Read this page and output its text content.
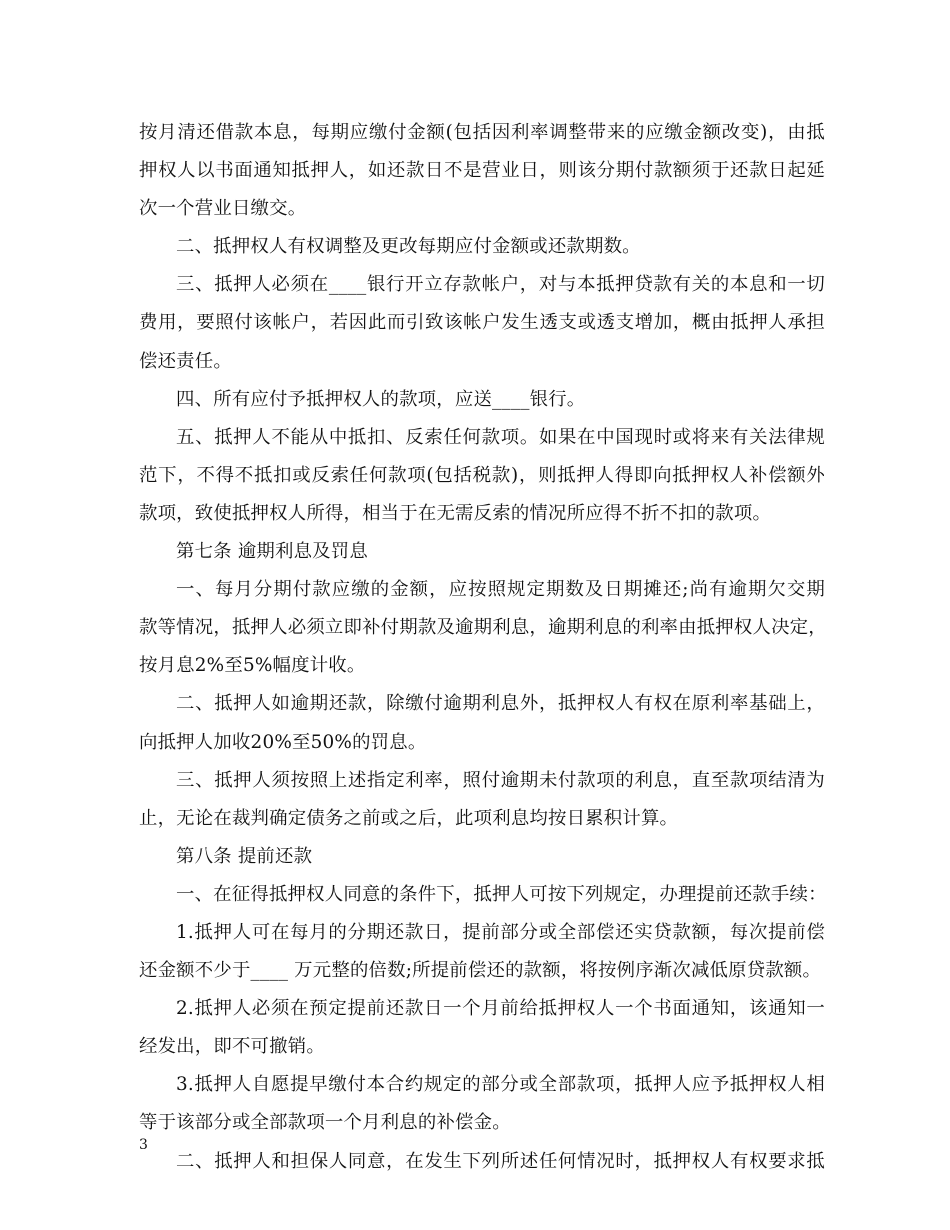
按月清还借款本息，每期应缴付金额(包括因利率调整带来的应缴金额改变)，由抵
押权人以书面通知抵押人，如还款日不是营业日，则该分期付款额须于还款日起延
次一个营业日缴交。
二、抵押权人有权调整及更改每期应付金额或还款期数。
三、抵押人必须在____银行开立存款帐户，对与本抵押贷款有关的本息和一切
费用，要照付该帐户，若因此而引致该帐户发生透支或透支增加，概由抵押人承担
偿还责任。
四、所有应付予抵押权人的款项，应送____银行。
五、抵押人不能从中抵扣、反索任何款项。如果在中国现时或将来有关法律规
范下，不得不抵扣或反索任何款项(包括税款)，则抵押人得即向抵押权人补偿额外
款项，致使抵押权人所得，相当于在无需反索的情况所应得不折不扣的款项。
第七条 逾期利息及罚息
一、每月分期付款应缴的金额，应按照规定期数及日期摊还;尚有逾期欠交期
款等情况，抵押人必须立即补付期款及逾期利息，逾期利息的利率由抵押权人决定，
按月息2%至5%幅度计收。
二、抵押人如逾期还款，除缴付逾期利息外，抵押权人有权在原利率基础上，
向抵押人加收20%至50%的罚息。
三、抵押人须按照上述指定利率，照付逾期未付款项的利息，直至款项结清为
止，无论在裁判确定债务之前或之后，此项利息均按日累积计算。
第八条 提前还款
一、在征得抵押权人同意的条件下，抵押人可按下列规定，办理提前还款手续：
1.抵押人可在每月的分期还款日，提前部分或全部偿还实贷款额，每次提前偿
还金额不少于____ 万元整的倍数;所提前偿还的款额，将按例序渐次减低原贷款额。
2.抵押人必须在预定提前还款日一个月前给抵押权人一个书面通知，该通知一
经发出，即不可撤销。
3.抵押人自愿提早缴付本合约规定的部分或全部款项，抵押人应予抵押权人相
等于该部分或全部款项一个月利息的补偿金。
二、抵押人和担保人同意，在发生下列所述任何情况时，抵押权人有权要求抵
3
